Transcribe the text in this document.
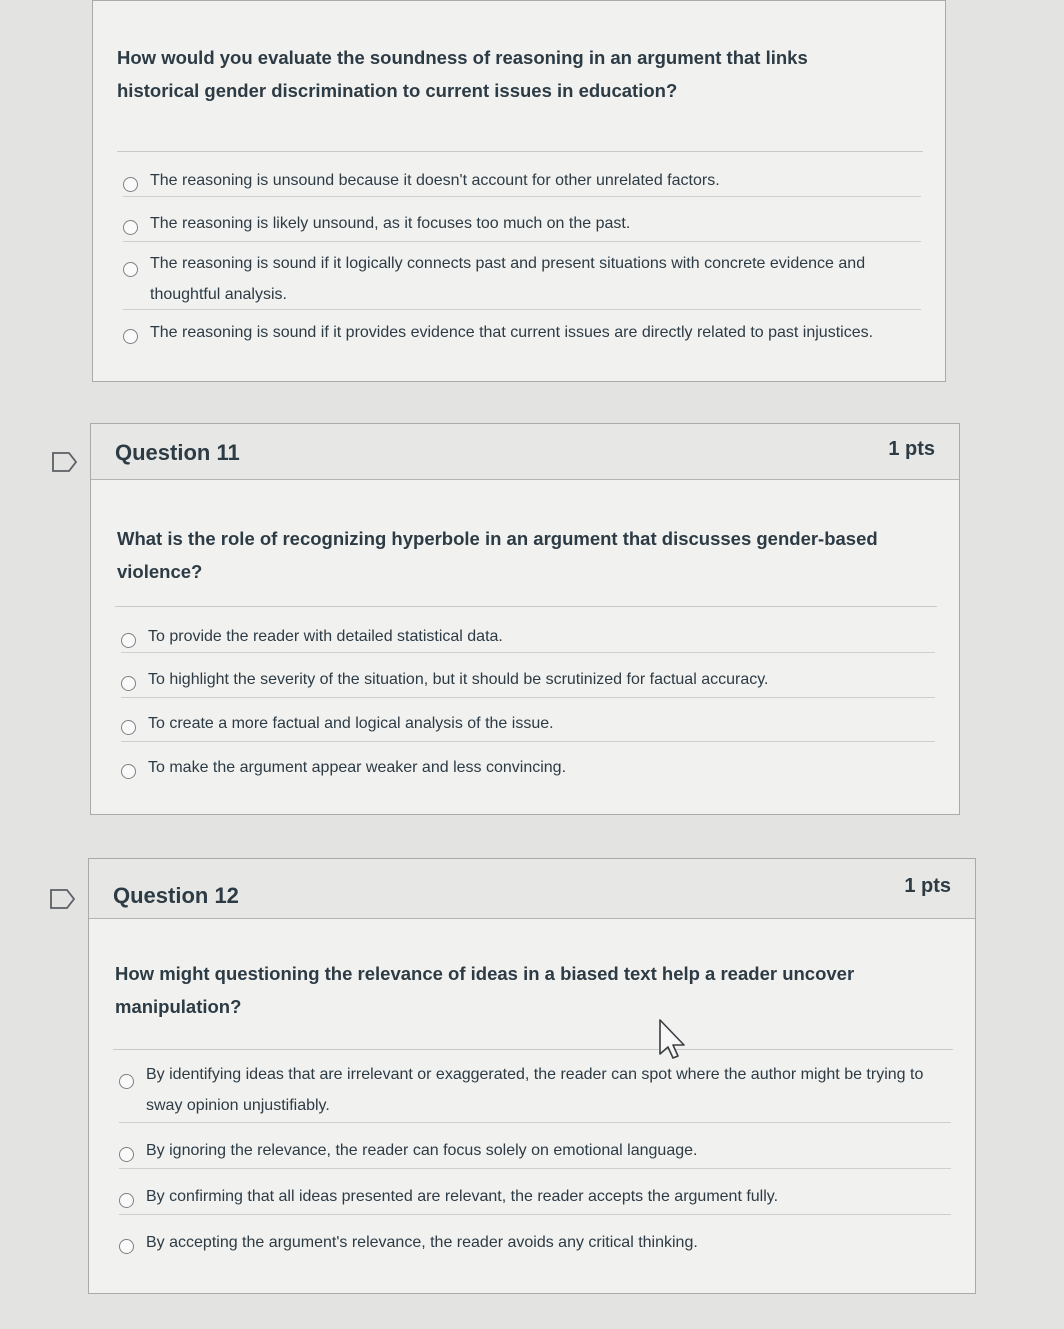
How would you evaluate the soundness of reasoning in an argument that links historical gender discrimination to current issues in education?
The reasoning is unsound because it doesn't account for other unrelated factors.
The reasoning is likely unsound, as it focuses too much on the past.
The reasoning is sound if it logically connects past and present situations with concrete evidence and thoughtful analysis.
The reasoning is sound if it provides evidence that current issues are directly related to past injustices.
Question 11	1 pts
What is the role of recognizing hyperbole in an argument that discusses gender-based violence?
To provide the reader with detailed statistical data.
To highlight the severity of the situation, but it should be scrutinized for factual accuracy.
To create a more factual and logical analysis of the issue.
To make the argument appear weaker and less convincing.
Question 12	1 pts
How might questioning the relevance of ideas in a biased text help a reader uncover manipulation?
By identifying ideas that are irrelevant or exaggerated, the reader can spot where the author might be trying to sway opinion unjustifiably.
By ignoring the relevance, the reader can focus solely on emotional language.
By confirming that all ideas presented are relevant, the reader accepts the argument fully.
By accepting the argument's relevance, the reader avoids any critical thinking.
